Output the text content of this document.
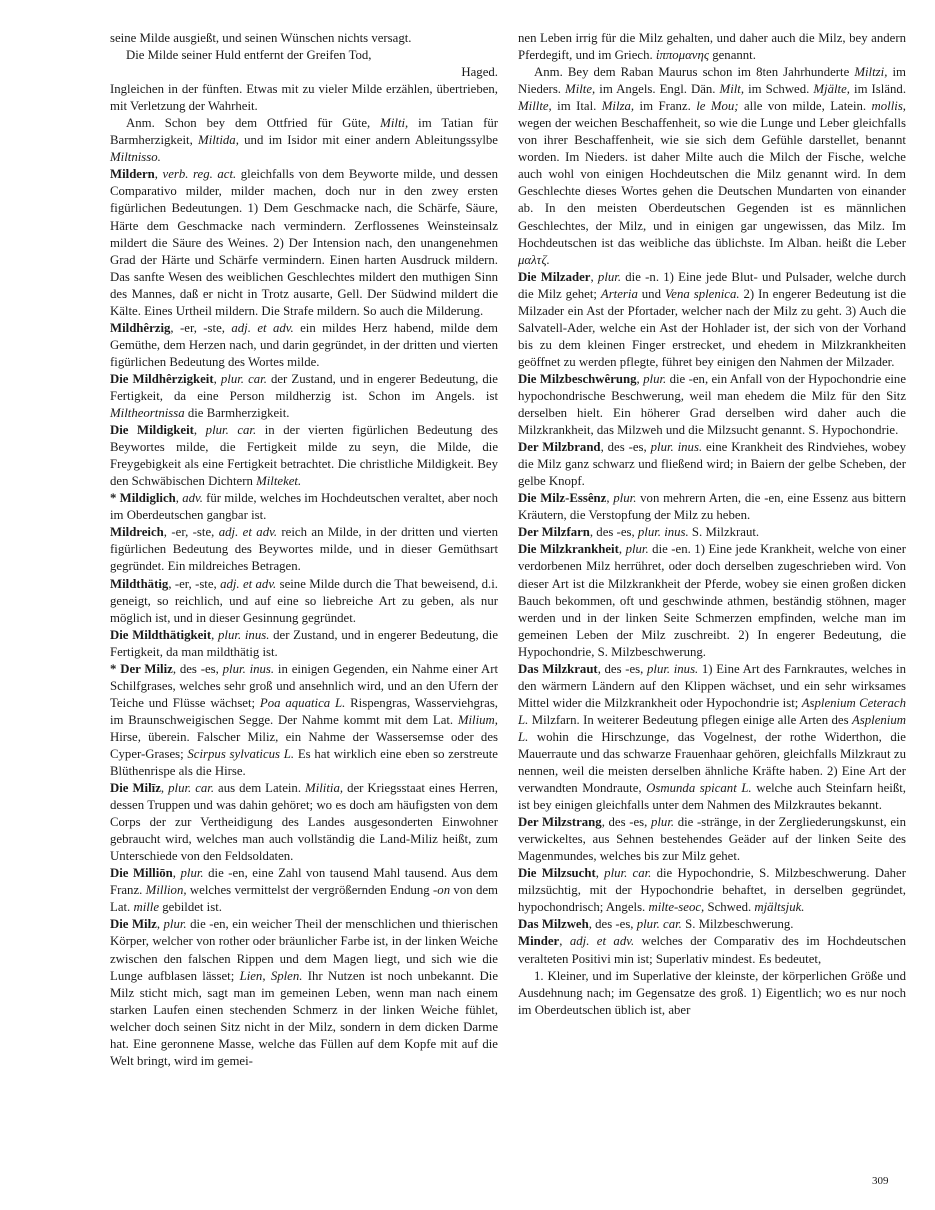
seine Milde ausgießt, und seinen Wünschen nichts versagt.

Die Milde seiner Huld entfernt der Greifen Tod,

Haged.

Ingleichen in der fünften. Etwas mit zu vieler Milde erzählen, übertrieben, mit Verletzung der Wahrheit.

Anm. Schon bey dem Ottfried für Güte, Milti, im Tatian für Barmherzigkeit, Miltida, und im Isidor mit einer andern Ableitungssylbe Miltnisso.

Mildern, verb. reg. act. gleichfalls von dem Beyworte milde, und dessen Comparativo milder, milder machen, doch nur in den zwey ersten figürlichen Bedeutungen. 1) Dem Geschmacke nach, die Schärfe, Säure, Härte dem Geschmacke nach vermindern. Zerflossenes Weinsteinsalz mildert die Säure des Weines. 2) Der Intension nach, den unangenehmen Grad der Härte und Schärfe vermindern. Einen harten Ausdruck mildern. Das sanfte Wesen des weiblichen Geschlechtes mildert den muthigen Sinn des Mannes, daß er nicht in Trotz ausarte, Gell. Der Südwind mildert die Kälte. Eines Urtheil mildern. Die Strafe mildern. So auch die Milderung.

Mildhêrzig, -er, -ste, adj. et adv. ein mildes Herz habend, milde dem Gemüthe, dem Herzen nach, und darin gegründet, in der dritten und vierten figürlichen Bedeutung des Wortes milde.

Die Mildhêrzigkeit, plur. car. der Zustand, und in engerer Bedeutung, die Fertigkeit, da eine Person mildherzig ist. Schon im Angels. ist Miltheortnissa die Barmherzigkeit.

Die Mildigkeit, plur. car. in der vierten figürlichen Bedeutung des Beywortes milde, die Fertigkeit milde zu seyn, die Milde, die Freygebigkeit als eine Fertigkeit betrachtet. Die christliche Mildigkeit. Bey den Schwäbischen Dichtern Milteket.

* Mildiglich, adv. für milde, welches im Hochdeutschen veraltet, aber noch im Oberdeutschen gangbar ist.

Mildreich, -er, -ste, adj. et adv. reich an Milde, in der dritten und vierten figürlichen Bedeutung des Beywortes milde, und in dieser Gemüthsart gegründet. Ein mildreiches Betragen.

Mildthätig, -er, -ste, adj. et adv. seine Milde durch die That beweisend, d.i. geneigt, so reichlich, und auf eine so liebreiche Art zu geben, als nur möglich ist, und in dieser Gesinnung gegründet.

Die Mildthätigkeit, plur. inus. der Zustand, und in engerer Bedeutung, die Fertigkeit, da man mildthätig ist.

* Der Miliz, des -es, plur. inus. in einigen Gegenden, ein Nahme einer Art Schilfgrases, welches sehr groß und ansehnlich wird, und an den Ufern der Teiche und Flüsse wächset; Poa aquatica L. Rispengras, Wasserviehgras, im Braunschweigischen Segge. Der Nahme kommt mit dem Lat. Milium, Hirse, überein. Falscher Miliz, ein Nahme der Wassersemse oder des Cyper-Grases; Scirpus sylvaticus L. Es hat wirklich eine eben so zerstreute Blüthenrispe als die Hirse.

Die Milīz, plur. car. aus dem Latein. Militia, der Kriegsstaat eines Herren, dessen Truppen und was dahin gehöret; wo es doch am häufigsten von dem Corps der zur Vertheidigung des Landes ausgesonderten Einwohner gebraucht wird, welches man auch vollständig die Land-Miliz heißt, zum Unterschiede von den Feldsoldaten.

Die Milliōn, plur. die -en, eine Zahl von tausend Mahl tausend. Aus dem Franz. Million, welches vermittelst der vergrößernden Endung -on von dem Lat. mille gebildet ist.

Die Milz, plur. die -en, ein weicher Theil der menschlichen und thierischen Körper, welcher von rother oder bräunlicher Farbe ist, in der linken Weiche zwischen den falschen Rippen und dem Magen liegt, und sich wie die Lunge aufblasen lässet; Lien, Splen. Ihr Nutzen ist noch unbekannt. Die Milz sticht mich, sagt man im gemeinen Leben, wenn man nach einem starken Laufen einen stechenden Schmerz in der linken Weiche fühlet, welcher doch seinen Sitz nicht in der Milz, sondern in dem dicken Darme hat. Eine geronnene Masse, welche das Füllen auf dem Kopfe mit auf die Welt bringt, wird im gemei-

nen Leben irrig für die Milz gehalten, und daher auch die Milz, bey andern Pferdegift, und im Griech. ἱππομανης genannt.

Anm. Bey dem Raban Maurus schon im 8ten Jahrhunderte Miltzi, im Nieders. Milte, im Angels. Engl. Dän. Milt, im Schwed. Mjälte, im Isländ. Millte, im Ital. Milza, im Franz. le Mou; alle von milde, Latein. mollis, wegen der weichen Beschaffenheit, so wie die Lunge und Leber gleichfalls von ihrer Beschaffenheit, wie sie sich dem Gefühle darstellet, benannt worden. Im Nieders. ist daher Milte auch die Milch der Fische, welche auch wohl von einigen Hochdeutschen die Milz genannt wird. In dem Geschlechte dieses Wortes gehen die Deutschen Mundarten von einander ab. In den meisten Oberdeutschen Gegenden ist es männlichen Geschlechtes, der Milz, und in einigen gar ungewissen, das Milz. Im Hochdeutschen ist das weibliche das üblichste. Im Alban. heißt die Leber μαλτζ.

Die Milzader, plur. die -n. 1) Eine jede Blut- und Pulsader, welche durch die Milz gehet; Arteria und Vena splenica. 2) In engerer Bedeutung ist die Milzader ein Ast der Pfortader, welcher nach der Milz zu geht. 3) Auch die Salvatell-Ader, welche ein Ast der Hohlader ist, der sich von der Vorhand bis zu dem kleinen Finger erstrecket, und ehedem in Milzkrankheiten geöffnet zu werden pflegte, führet bey einigen den Nahmen der Milzader.

Die Milzbeschwêrung, plur. die -en, ein Anfall von der Hypochondrie eine hypochondrische Beschwerung, weil man ehedem die Milz für den Sitz derselben hielt. Ein höherer Grad derselben wird daher auch die Milzkrankheit, das Milzweh und die Milzsucht genannt. S. Hypochondrie.

Der Milzbrand, des -es, plur. inus. eine Krankheit des Rindviehes, wobey die Milz ganz schwarz und fließend wird; in Baiern der gelbe Scheben, der gelbe Knopf.

Die Milz-Essênz, plur. von mehrern Arten, die -en, eine Essenz aus bittern Kräutern, die Verstopfung der Milz zu heben.

Der Milzfarn, des -es, plur. inus. S. Milzkraut.

Die Milzkrankheit, plur. die -en. 1) Eine jede Krankheit, welche von einer verdorbenen Milz herrühret, oder doch derselben zugeschrieben wird. Von dieser Art ist die Milzkrankheit der Pferde, wobey sie einen großen dicken Bauch bekommen, oft und geschwinde athmen, beständig stöhnen, mager werden und in der linken Seite Schmerzen empfinden, welche man im gemeinen Leben der Milz zuschreibt. 2) In engerer Bedeutung, die Hypochondrie, S. Milzbeschwerung.

Das Milzkraut, des -es, plur. inus. 1) Eine Art des Farnkrautes, welches in den wärmern Ländern auf den Klippen wächset, und ein sehr wirksames Mittel wider die Milzkrankheit oder Hypochondrie ist; Asplenium Ceterach L. Milzfarn. In weiterer Bedeutung pflegen einige alle Arten des Asplenium L. wohin die Hirschzunge, das Vogelnest, der rothe Widerthon, die Mauerraute und das schwarze Frauenhaar gehören, gleichfalls Milzkraut zu nennen, weil die meisten derselben ähnliche Kräfte haben. 2) Eine Art der verwandten Mondraute, Osmunda spicant L. welche auch Steinfarn heißt, ist bey einigen gleichfalls unter dem Nahmen des Milzkrautes bekannt.

Der Milzstrang, des -es, plur. die -stränge, in der Zergliederungskunst, ein verwickeltes, aus Sehnen bestehendes Geäder auf der linken Seite des Magenmundes, welches bis zur Milz gehet.

Die Milzsucht, plur. car. die Hypochondrie, S. Milzbeschwerung. Daher milzsüchtig, mit der Hypochondrie behaftet, in derselben gegründet, hypochondrisch; Angels. milte-seoc, Schwed. mjältsjuk.

Das Milzweh, des -es, plur. car. S. Milzbeschwerung.

Minder, adj. et adv. welches der Comparativ des im Hochdeutschen veralteten Positivi min ist; Superlativ mindest. Es bedeutet,

1. Kleiner, und im Superlative der kleinste, der körperlichen Größe und Ausdehnung nach; im Gegensatze des groß. 1) Eigentlich; wo es nur noch im Oberdeutschen üblich ist, aber

309
